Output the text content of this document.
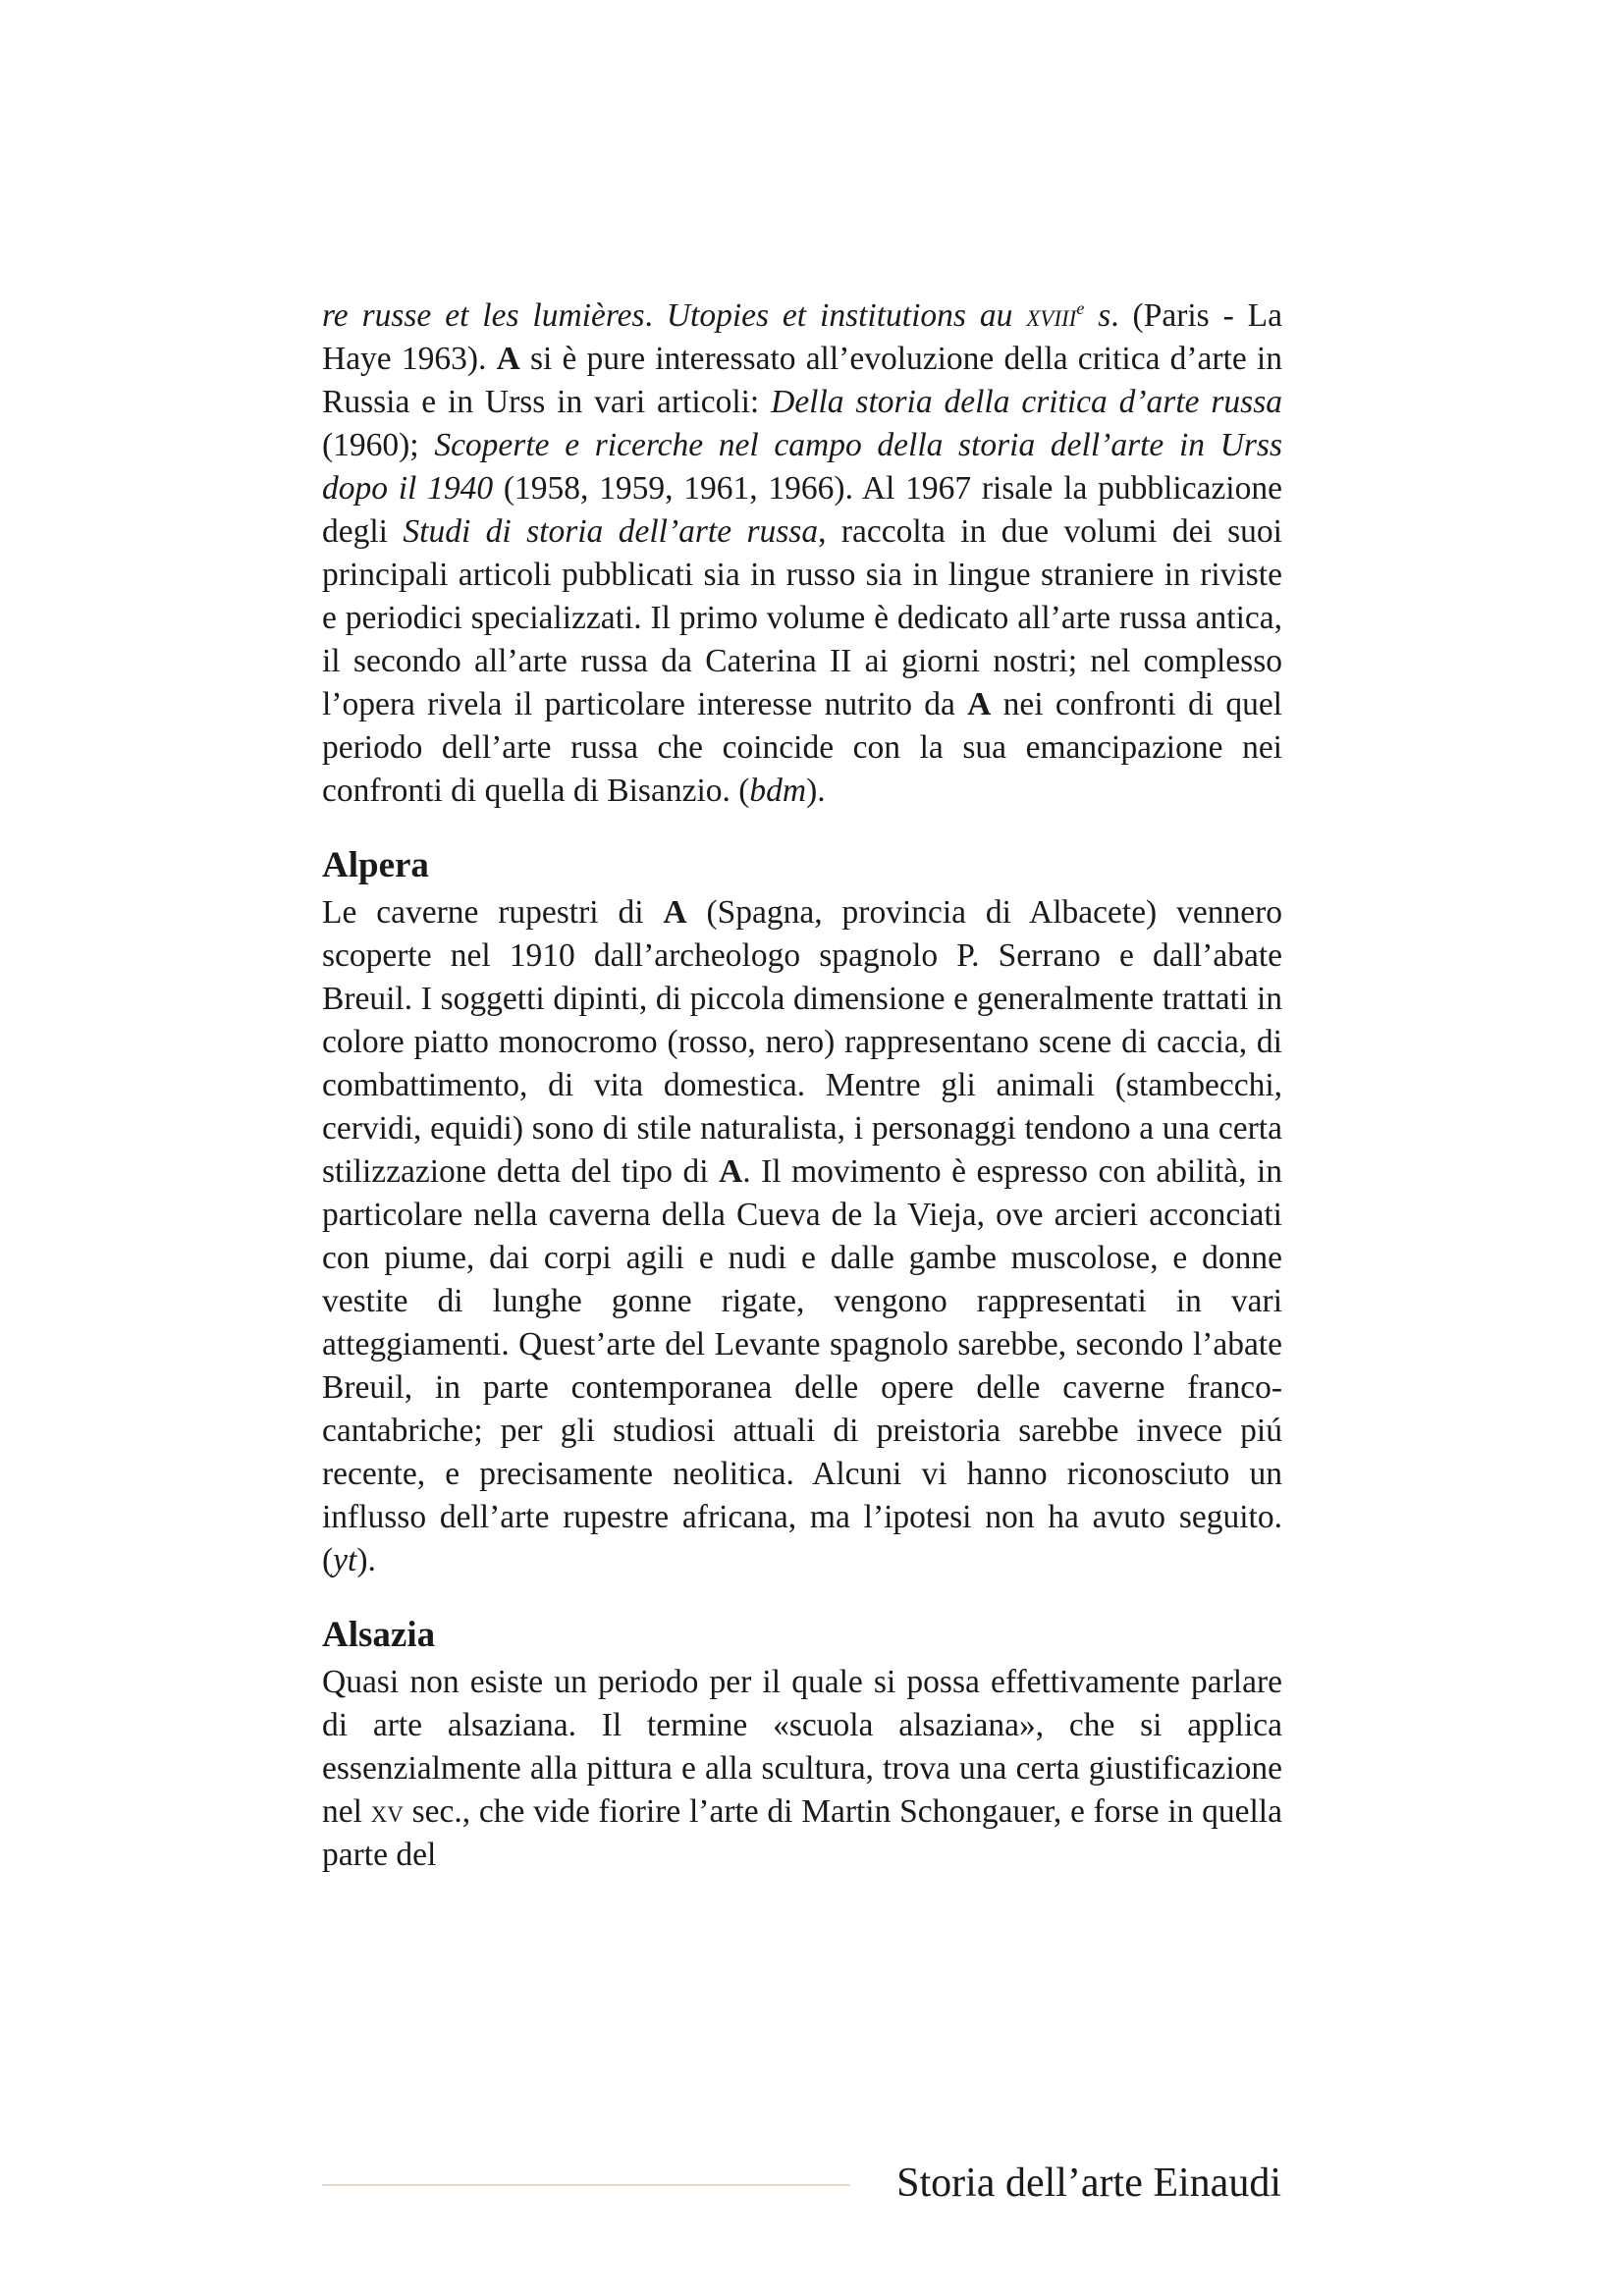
re russe et les lumières. Utopies et institutions au xviii$^e$ s. (Paris - La Haye 1963). A si è pure interessato all’evoluzione della critica d’arte in Russia e in Urss in vari articoli: Della storia della critica d’arte russa (1960); Scoperte e ricerche nel campo della storia dell’arte in Urss dopo il 1940 (1958, 1959, 1961, 1966). Al 1967 risale la pubblicazione degli Studi di storia dell’arte russa, raccolta in due volumi dei suoi principali articoli pubblicati sia in russo sia in lingue straniere in riviste e periodici specializzati. Il primo volume è dedicato all’arte russa antica, il secondo all’arte russa da Caterina II ai giorni nostri; nel complesso l’opera rivela il particolare interesse nutrito da A nei confronti di quel periodo dell’arte russa che coincide con la sua emancipazione nei confronti di quella di Bisanzio. (bdm).

Alpera

Le caverne rupestri di A (Spagna, provincia di Albacete) vennero scoperte nel 1910 dall’archeologo spagnolo P. Serrano e dall’abate Breuil. I soggetti dipinti, di piccola dimensione e generalmente trattati in colore piatto monocromo (rosso, nero) rappresentano scene di caccia, di combattimento, di vita domestica. Mentre gli animali (stambecchi, cervidi, equidi) sono di stile naturalista, i personaggi tendono a una certa stilizzazione detta del tipo di A. Il movimento è espresso con abilità, in particolare nella caverna della Cueva de la Vieja, ove arcieri acconciati con piume, dai corpi agili e nudi e dalle gambe muscolose, e donne vestite di lunghe gonne rigate, vengono rappresentati in vari atteggiamenti. Quest’arte del Levante spagnolo sarebbe, secondo l’abate Breuil, in parte contemporanea delle opere delle caverne franco-cantabriche; per gli studiosi attuali di preistoria sarebbe invece piú recente, e precisamente neolitica. Alcuni vi hanno riconosciuto un influsso dell’arte rupestre africana, ma l’ipotesi non ha avuto seguito. (yt).

Alsazia

Quasi non esiste un periodo per il quale si possa effettivamente parlare di arte alsaziana. Il termine «scuola alsaziana», che si applica essenzialmente alla pittura e alla scultura, trova una certa giustificazione nel xv sec., che vide fiorire l’arte di Martin Schongauer, e forse in quella parte del

Storia dell’arte Einaudi
